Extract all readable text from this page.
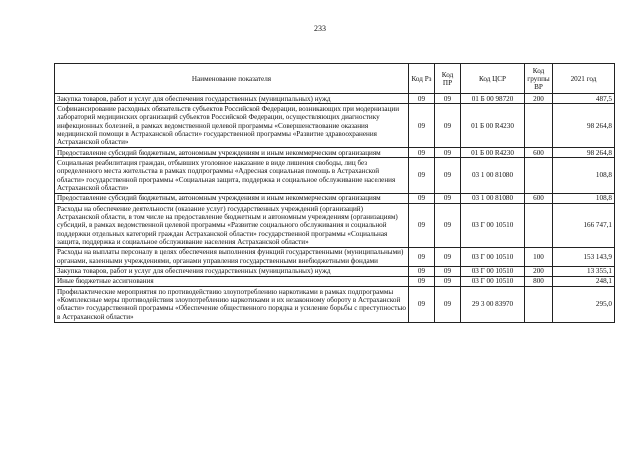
233
Наименование показателя	Код Рз	Код ПР	Код ЦСР	Код группы ВР	2021 год
Закупка товаров, работ и услуг для обеспечения государственных (муниципальных) нужд	09	09	01 Б 00 98720	200	487,5
Софинансирование расходных обязательств субъектов Российской Федерации, возникающих при модернизации лабораторий медицинских организаций субъектов Российской Федерации, осуществляющих диагностику инфекционных болезней, в рамках ведомственной целевой программы «Совершенствование оказания медицинской помощи в Астраханской области» государственной программы «Развитие здравоохранения Астраханской области»	09	09	01 Б 00 R4230		98 264,8
Предоставление субсидий бюджетным, автономным учреждениям и иным некоммерческим организациям	09	09	01 Б 00 R4230	600	98 264,8
Социальная реабилитация граждан, отбывших уголовное наказание в виде лишения свободы, лиц без определенного места жительства в рамках подпрограммы «Адресная социальная помощь в Астраханской области» государственной программы «Социальная защита, поддержка и социальное обслуживание населения Астраханской области»	09	09	03 1 00 81080		108,8
Предоставление субсидий бюджетным, автономным учреждениям и иным некоммерческим организациям	09	09	03 1 00 81080	600	108,8
Расходы на обеспечение деятельности (оказание услуг) государственных учреждений (организаций) Астраханской области, в том числе на предоставление бюджетным и автономным учреждениям (организациям) субсидий, в рамках ведомственной целевой программы «Развитие социального обслуживания и социальной поддержки отдельных категорий граждан Астраханской области» государственной программы «Социальная защита, поддержка и социальное обслуживание населения Астраханской области»	09	09	03 Г 00 10510		166 747,1
Расходы на выплаты персоналу в целях обеспечения выполнения функций государственными (муниципальными) органами, казенными учреждениями, органами управления государственными внебюджетными фондами	09	09	03 Г 00 10510	100	153 143,9
Закупка товаров, работ и услуг для обеспечения государственных (муниципальных) нужд	09	09	03 Г 00 10510	200	13 355,1
Иные бюджетные ассигнования	09	09	03 Г 00 10510	800	248,1
Профилактические мероприятия по противодействию злоупотреблению наркотиками в рамках подпрограммы «Комплексные меры противодействия злоупотреблению наркотиками и их незаконному обороту в Астраханской области» государственной программы «Обеспечение общественного порядка и усиление борьбы с преступностью в Астраханской области»	09	09	29 3 00 83970		295,0
